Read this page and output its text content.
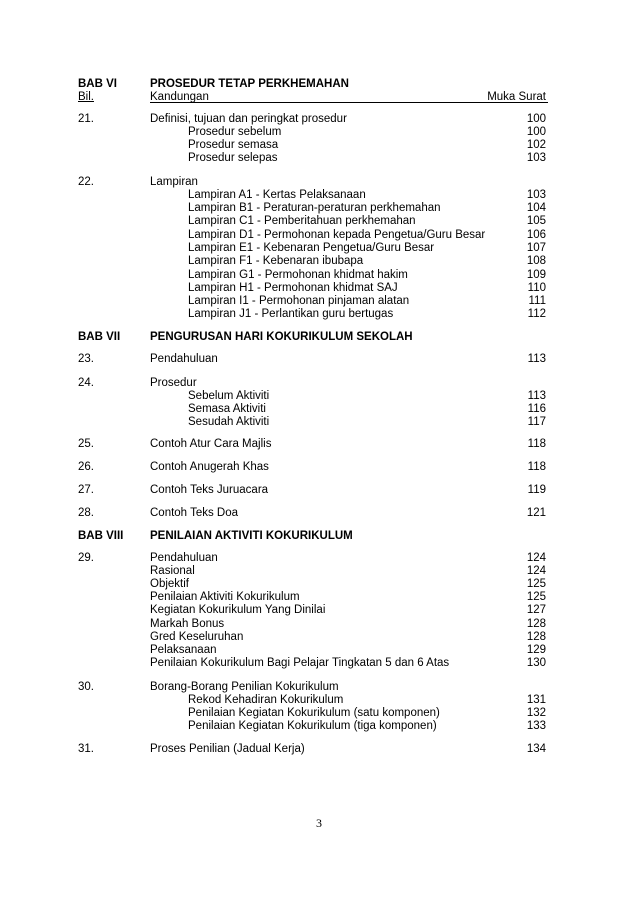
BAB VI	PROSEDUR TETAP PERKHEMAHAN
Bil.	Kandungan	Muka Surat
21.	Definisi, tujuan dan peringkat prosedur	100
Prosedur sebelum	100
Prosedur semasa	102
Prosedur selepas	103
22.	Lampiran
Lampiran A1 - Kertas Pelaksanaan	103
Lampiran B1 - Peraturan-peraturan perkhemahan	104
Lampiran C1 - Pemberitahuan perkhemahan	105
Lampiran D1 - Permohonan kepada Pengetua/Guru Besar	106
Lampiran E1 - Kebenaran Pengetua/Guru Besar	107
Lampiran F1 - Kebenaran ibubapa	108
Lampiran G1 - Permohonan khidmat hakim	109
Lampiran H1 - Permohonan khidmat SAJ	110
Lampiran I1 - Permohonan pinjaman alatan	111
Lampiran J1 - Perlantikan guru bertugas	112
BAB VII	PENGURUSAN HARI KOKURIKULUM SEKOLAH
23.	Pendahuluan	113
24.	Prosedur
Sebelum Aktiviti	113
Semasa Aktiviti	116
Sesudah Aktiviti	117
25.	Contoh Atur Cara Majlis	118
26.	Contoh Anugerah Khas	118
27.	Contoh Teks Juruacara	119
28.	Contoh Teks Doa	121
BAB VIII PENILAIAN AKTIVITI KOKURIKULUM
29.	Pendahuluan	124
Rasional	124
Objektif	125
Penilaian Aktiviti Kokurikulum	125
Kegiatan Kokurikulum Yang Dinilai	127
Markah Bonus	128
Gred Keseluruhan	128
Pelaksanaan	129
Penilaian Kokurikulum Bagi Pelajar Tingkatan 5 dan 6 Atas	130
30.	Borang-Borang Penilian Kokurikulum
Rekod Kehadiran Kokurikulum	131
Penilaian Kegiatan Kokurikulum (satu komponen)	132
Penilaian Kegiatan Kokurikulum (tiga komponen)	133
31.	Proses Penilian (Jadual Kerja)	134
3
